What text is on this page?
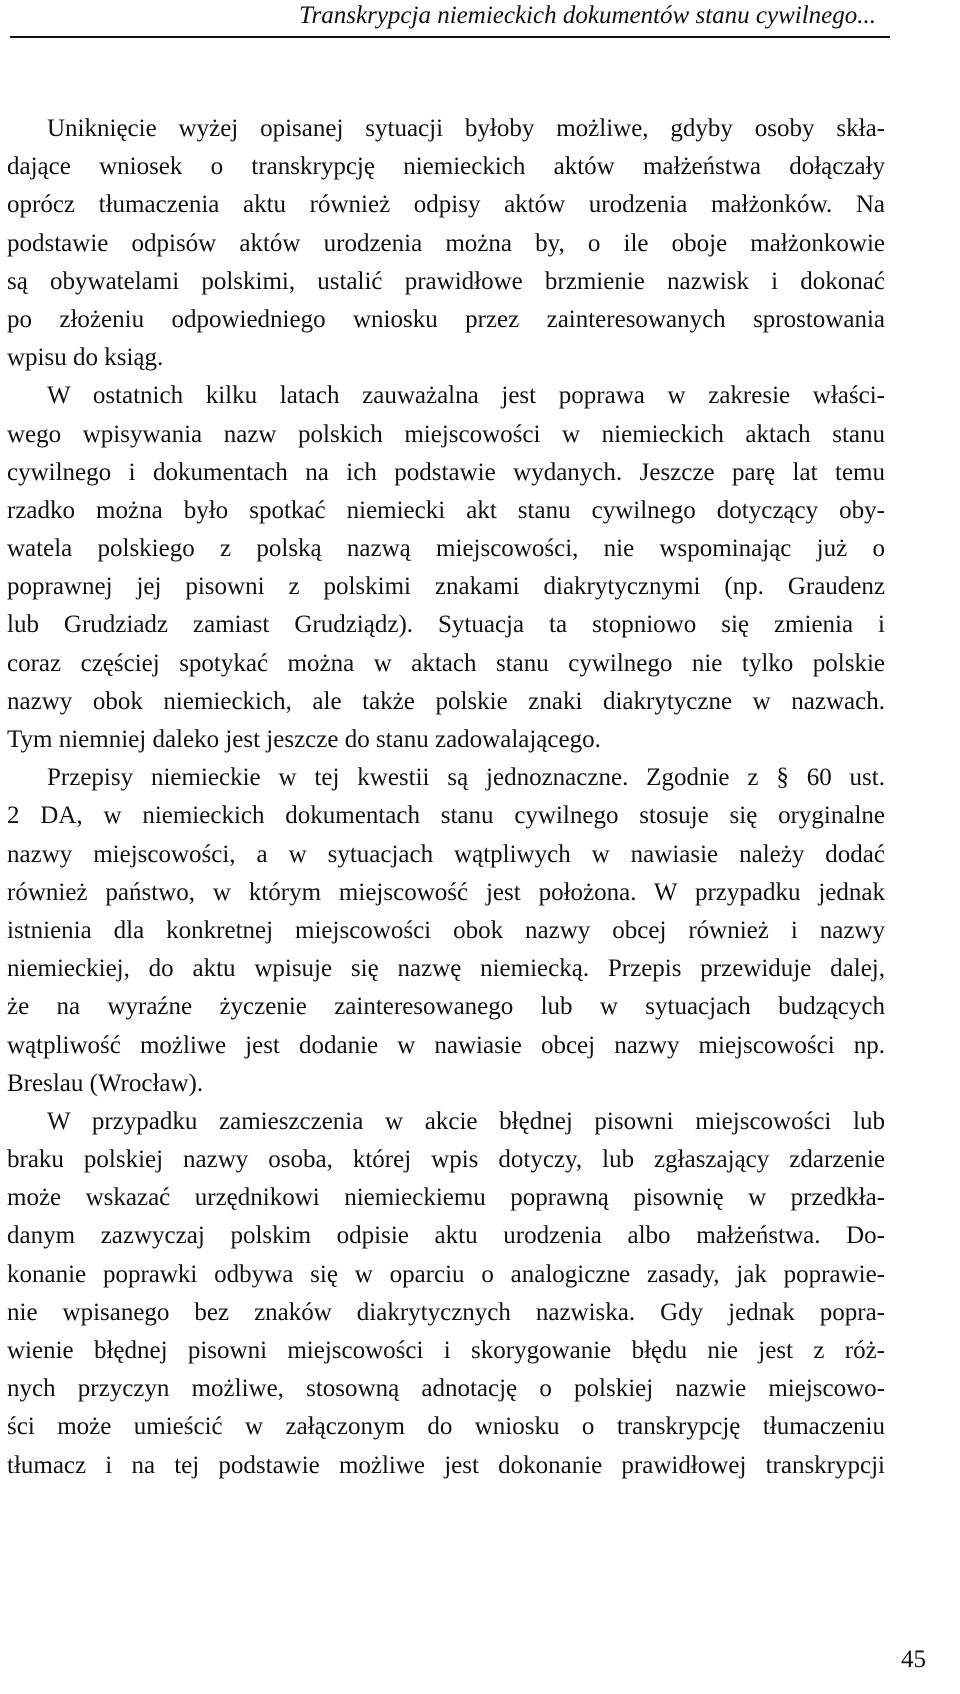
Transkrypcja niemieckich dokumentów stanu cywilnego...
Uniknięcie wyżej opisanej sytuacji byłoby możliwe, gdyby osoby skła-
dające wniosek o transkrypcję niemieckich aktów małżeństwa dołączały
oprócz tłumaczenia aktu również odpisy aktów urodzenia małżonków. Na
podstawie odpisów aktów urodzenia można by, o ile oboje małżonkowie
są obywatelami polskimi, ustalić prawidłowe brzmienie nazwisk i dokonać
po złożeniu odpowiedniego wniosku przez zainteresowanych sprostowania
wpisu do ksiąg.
W ostatnich kilku latach zauważalna jest poprawa w zakresie właści-
wego wpisywania nazw polskich miejscowości w niemieckich aktach stanu
cywilnego i dokumentach na ich podstawie wydanych. Jeszcze parę lat temu
rzadko można było spotkać niemiecki akt stanu cywilnego dotyczący oby-
watela polskiego z polską nazwą miejscowości, nie wspominając już o
poprawnej jej pisowni z polskimi znakami diakrytycznymi (np. Graudenz
lub Grudziadz zamiast Grudziądz). Sytuacja ta stopniowo się zmienia i
coraz częściej spotykać można w aktach stanu cywilnego nie tylko polskie
nazwy obok niemieckich, ale także polskie znaki diakrytyczne w nazwach.
Tym niemniej daleko jest jeszcze do stanu zadowalającego.
Przepisy niemieckie w tej kwestii są jednoznaczne. Zgodnie z § 60 ust.
2 DA, w niemieckich dokumentach stanu cywilnego stosuje się oryginalne
nazwy miejscowości, a w sytuacjach wątpliwych w nawiasie należy dodać
również państwo, w którym miejscowość jest położona. W przypadku jednak
istnienia dla konkretnej miejscowości obok nazwy obcej również i nazwy
niemieckiej, do aktu wpisuje się nazwę niemiecką. Przepis przewiduje dalej,
że na wyraźne życzenie zainteresowanego lub w sytuacjach budzących
wątpliwość możliwe jest dodanie w nawiasie obcej nazwy miejscowości np.
Breslau (Wrocław).
W przypadku zamieszczenia w akcie błędnej pisowni miejscowości lub
braku polskiej nazwy osoba, której wpis dotyczy, lub zgłaszający zdarzenie
może wskazać urzędnikowi niemieckiemu poprawną pisownię w przedkła-
danym zazwyczaj polskim odpisie aktu urodzenia albo małżeństwa. Do-
konanie poprawki odbywa się w oparciu o analogiczne zasady, jak poprawie-
nie wpisanego bez znaków diakrytycznych nazwiska. Gdy jednak popra-
wienie błędnej pisowni miejscowości i skorygowanie błędu nie jest z róż-
nych przyczyn możliwe, stosowną adnotację o polskiej nazwie miejscowo-
ści może umieścić w załączonym do wniosku o transkrypcję tłumaczeniu
tłumacz i na tej podstawie możliwe jest dokonanie prawidłowej transkrypcji
45
